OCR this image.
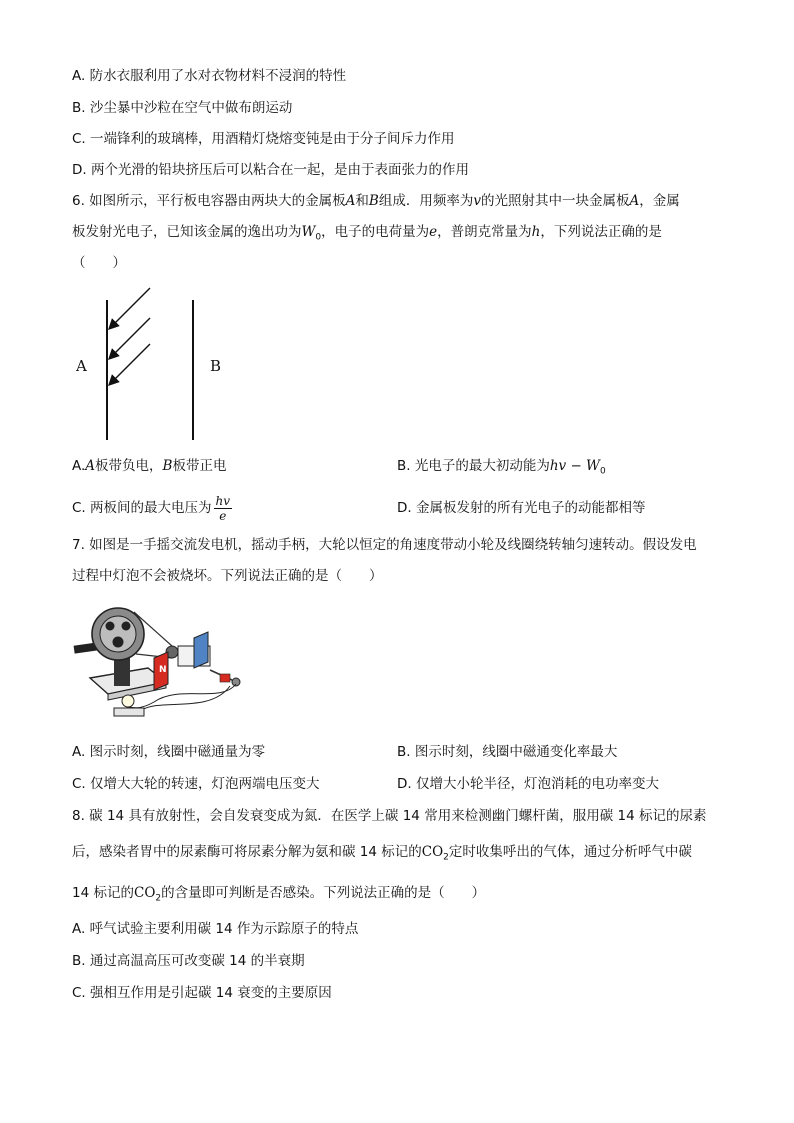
A. 防水衣服利用了水对衣物材料不浸润的特性
B. 沙尘暴中沙粒在空气中做布朗运动
C. 一端锋利的玻璃棒，用酒精灯烧熔变钝是由于分子间斥力作用
D. 两个光滑的铅块挤压后可以粘合在一起，是由于表面张力的作用
6. 如图所示，平行板电容器由两块大的金属板A和B组成．用频率为v的光照射其中一块金属板A，金属
板发射光电子，已知该金属的逸出功为$W_0$，电子的电荷量为e，普朗克常量为h，下列说法正确的是
（　　）
A	B
A.A板带负电，B板带正电	B. 光电子的最大初动能为hv − $W_0$
C. 两板间的最大电压为 $\frac{hv}{e}$	D. 金属板发射的所有光电子的动能都相等
7. 如图是一手摇交流发电机，摇动手柄，大轮以恒定的角速度带动小轮及线圈绕转轴匀速转动。假设发电
过程中灯泡不会被烧坏。下列说法正确的是（　　）
N
A. 图示时刻，线圈中磁通量为零	B. 图示时刻，线圈中磁通变化率最大
C. 仅增大大轮的转速，灯泡两端电压变大	D. 仅增大小轮半径，灯泡消耗的电功率变大
8. 碳 14 具有放射性，会自发衰变成为氮．在医学上碳 14 常用来检测幽门螺杆菌，服用碳 14 标记的尿素
后，感染者胃中的尿素酶可将尿素分解为氨和碳 14 标记的$CO_2$定时收集呼出的气体，通过分析呼气中碳
14 标记的$CO_2$的含量即可判断是否感染。下列说法正确的是（　　）
A. 呼气试验主要利用碳 14 作为示踪原子的特点
B. 通过高温高压可改变碳 14 的半衰期
C. 强相互作用是引起碳 14 衰变的主要原因
